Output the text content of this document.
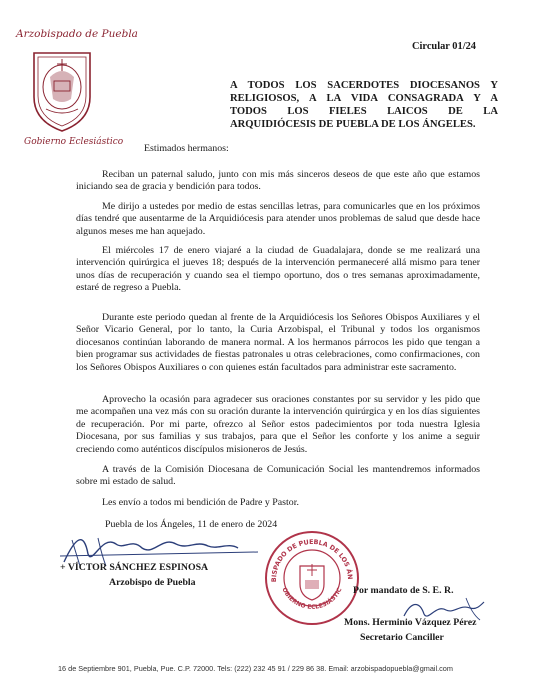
Arzobispado de Puebla
Gobierno Eclesiástico
Circular 01/24
A TODOS LOS SACERDOTES DIOCESANOS Y
RELIGIOSOS, A LA VIDA CONSAGRADA Y A
TODOS LOS FIELES LAICOS DE LA
ARQUIDIÓCESIS DE PUEBLA DE LOS ÁNGELES.
Estimados hermanos:

Reciban un paternal saludo, junto con mis más sinceros deseos de que este año que estamos iniciando sea de gracia y bendición para todos.

Me dirijo a ustedes por medio de estas sencillas letras, para comunicarles que en los próximos días tendré que ausentarme de la Arquidiócesis para atender unos problemas de salud que desde hace algunos meses me han aquejado.

El miércoles 17 de enero viajaré a la ciudad de Guadalajara, donde se me realizará una intervención quirúrgica el jueves 18; después de la intervención permaneceré allá mismo para tener unos días de recuperación y cuando sea el tiempo oportuno, dos o tres semanas aproximadamente, estaré de regreso a Puebla.

Durante este periodo quedan al frente de la Arquidiócesis los Señores Obispos Auxiliares y el Señor Vicario General, por lo tanto, la Curia Arzobispal, el Tribunal y todos los organismos diocesanos continúan laborando de manera normal. A los hermanos párrocos les pido que tengan a bien programar sus actividades de fiestas patronales u otras celebraciones, como confirmaciones, con los Señores Obispos Auxiliares o con quienes están facultados para administrar este sacramento.

Aprovecho la ocasión para agradecer sus oraciones constantes por su servidor y les pido que me acompañen una vez más con su oración durante la intervención quirúrgica y en los días siguientes de recuperación. Por mi parte, ofrezco al Señor estos padecimientos por toda nuestra Iglesia Diocesana, por sus familias y sus trabajos, para que el Señor les conforte y los anime a seguir creciendo como auténticos discípulos misioneros de Jesús.

A través de la Comisión Diocesana de Comunicación Social les mantendremos informados sobre mi estado de salud.

Les envío a todos mi bendición de Padre y Pastor.

Puebla de los Ángeles, 11 de enero de 2024
+ VÍCTOR SÁNCHEZ ESPINOSA
Arzobispo de Puebla	BISPADO DE PUEBLA DE LOS ÁN
OBIERNO ECLESIÁSTIC Por mandato de S. E. R.
Mons. Herminio Vázquez Pérez
Secretario Canciller
16 de Septiembre 901, Puebla, Pue. C.P. 72000. Tels: (222) 232 45 91 / 229 86 38. Email: arzobispadopuebla@gmail.com
